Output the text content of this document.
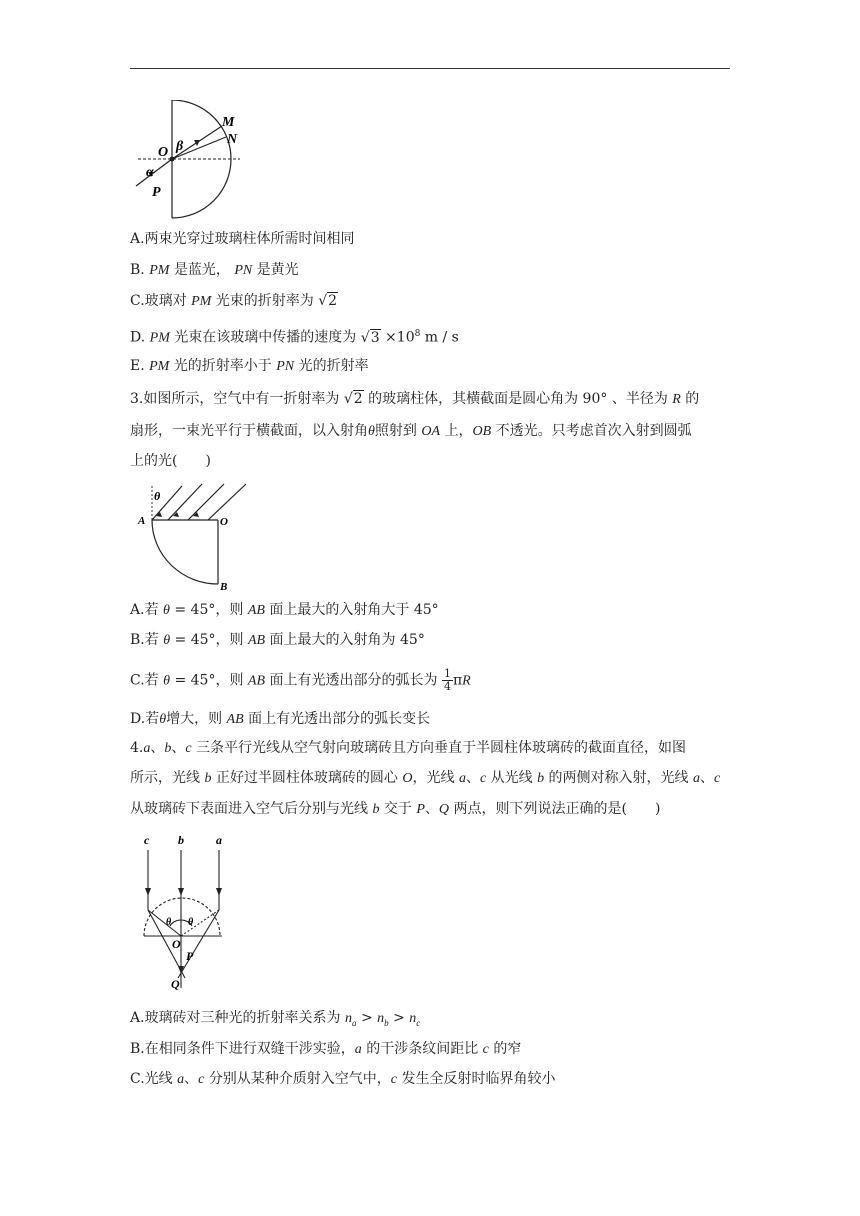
M
N
O β
α
P
A.两束光穿过玻璃柱体所需时间相同
B. PM 是蓝光， PN 是黄光
C.玻璃对 PM 光束的折射率为 √2
D. PM 光束在该玻璃中传播的速度为 $√3 \times 10^8$ m / s
E. PM 光的折射率小于 PN 光的折射率
3.如图所示，空气中有一折射率为 √2 的玻璃柱体，其横截面是圆心角为 90° 、半径为 R 的
扇形，一束光平行于横截面，以入射角θ照射到 OA 上，OB 不透光。只考虑首次入射到圆弧
上的光(　　)
θ
A	O
B
A.若 θ = 45°，则 AB 面上最大的入射角大于 45°
B.若 θ = 45°，则 AB 面上最大的入射角为 45°
C.若 θ = 45°，则 AB 面上有光透出部分的弧长为 $\frac{1}{4}$ πR
D.若θ增大，则 AB 面上有光透出部分的弧长变长
4.a、b、c 三条平行光线从空气射向玻璃砖且方向垂直于半圆柱体玻璃砖的截面直径，如图
所示，光线 b 正好过半圆柱体玻璃砖的圆心 O，光线 a、c 从光线 b 的两侧对称入射，光线 a、c
从玻璃砖下表面进入空气后分别与光线 b 交于 P、Q 两点，则下列说法正确的是(　　)
c b	a
θ θ
O
P
Q
A.玻璃砖对三种光的折射率关系为 $n_a > n_b > n_c$
B.在相同条件下进行双缝干涉实验，a 的干涉条纹间距比 c 的窄
C.光线 a、c 分别从某种介质射入空气中，c 发生全反射时临界角较小
